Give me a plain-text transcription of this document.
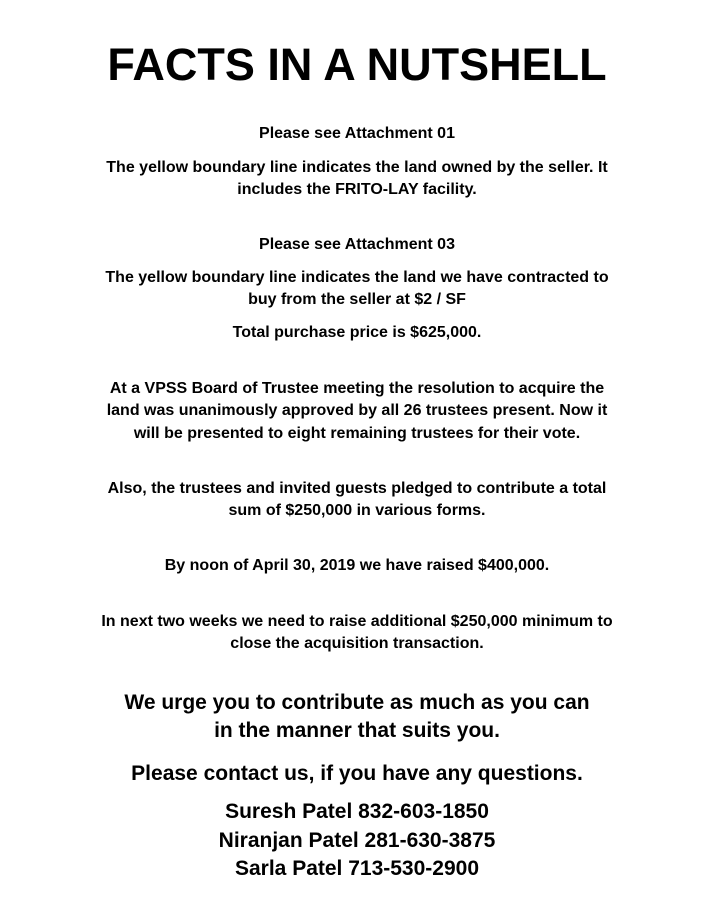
FACTS IN A NUTSHELL
Please see Attachment 01
The yellow boundary line indicates the land owned by the seller. It
includes the FRITO-LAY facility.
Please see Attachment 03
The yellow boundary line indicates the land we have contracted to
buy from the seller at $2 / SF
Total purchase price is $625,000.
At a VPSS Board of Trustee meeting the resolution to acquire the
land was unanimously approved by all 26 trustees present. Now it
will be presented to eight remaining trustees for their vote.
Also, the trustees and invited guests pledged to contribute a total
sum of $250,000 in various forms.
By noon of April 30, 2019 we have raised $400,000.
In next two weeks we need to raise additional $250,000 minimum to
close the acquisition transaction.
We urge you to contribute as much as you can
in the manner that suits you.
Please contact us, if you have any questions.
Suresh Patel 832-603-1850
Niranjan Patel 281-630-3875
Sarla Patel 713-530-2900
